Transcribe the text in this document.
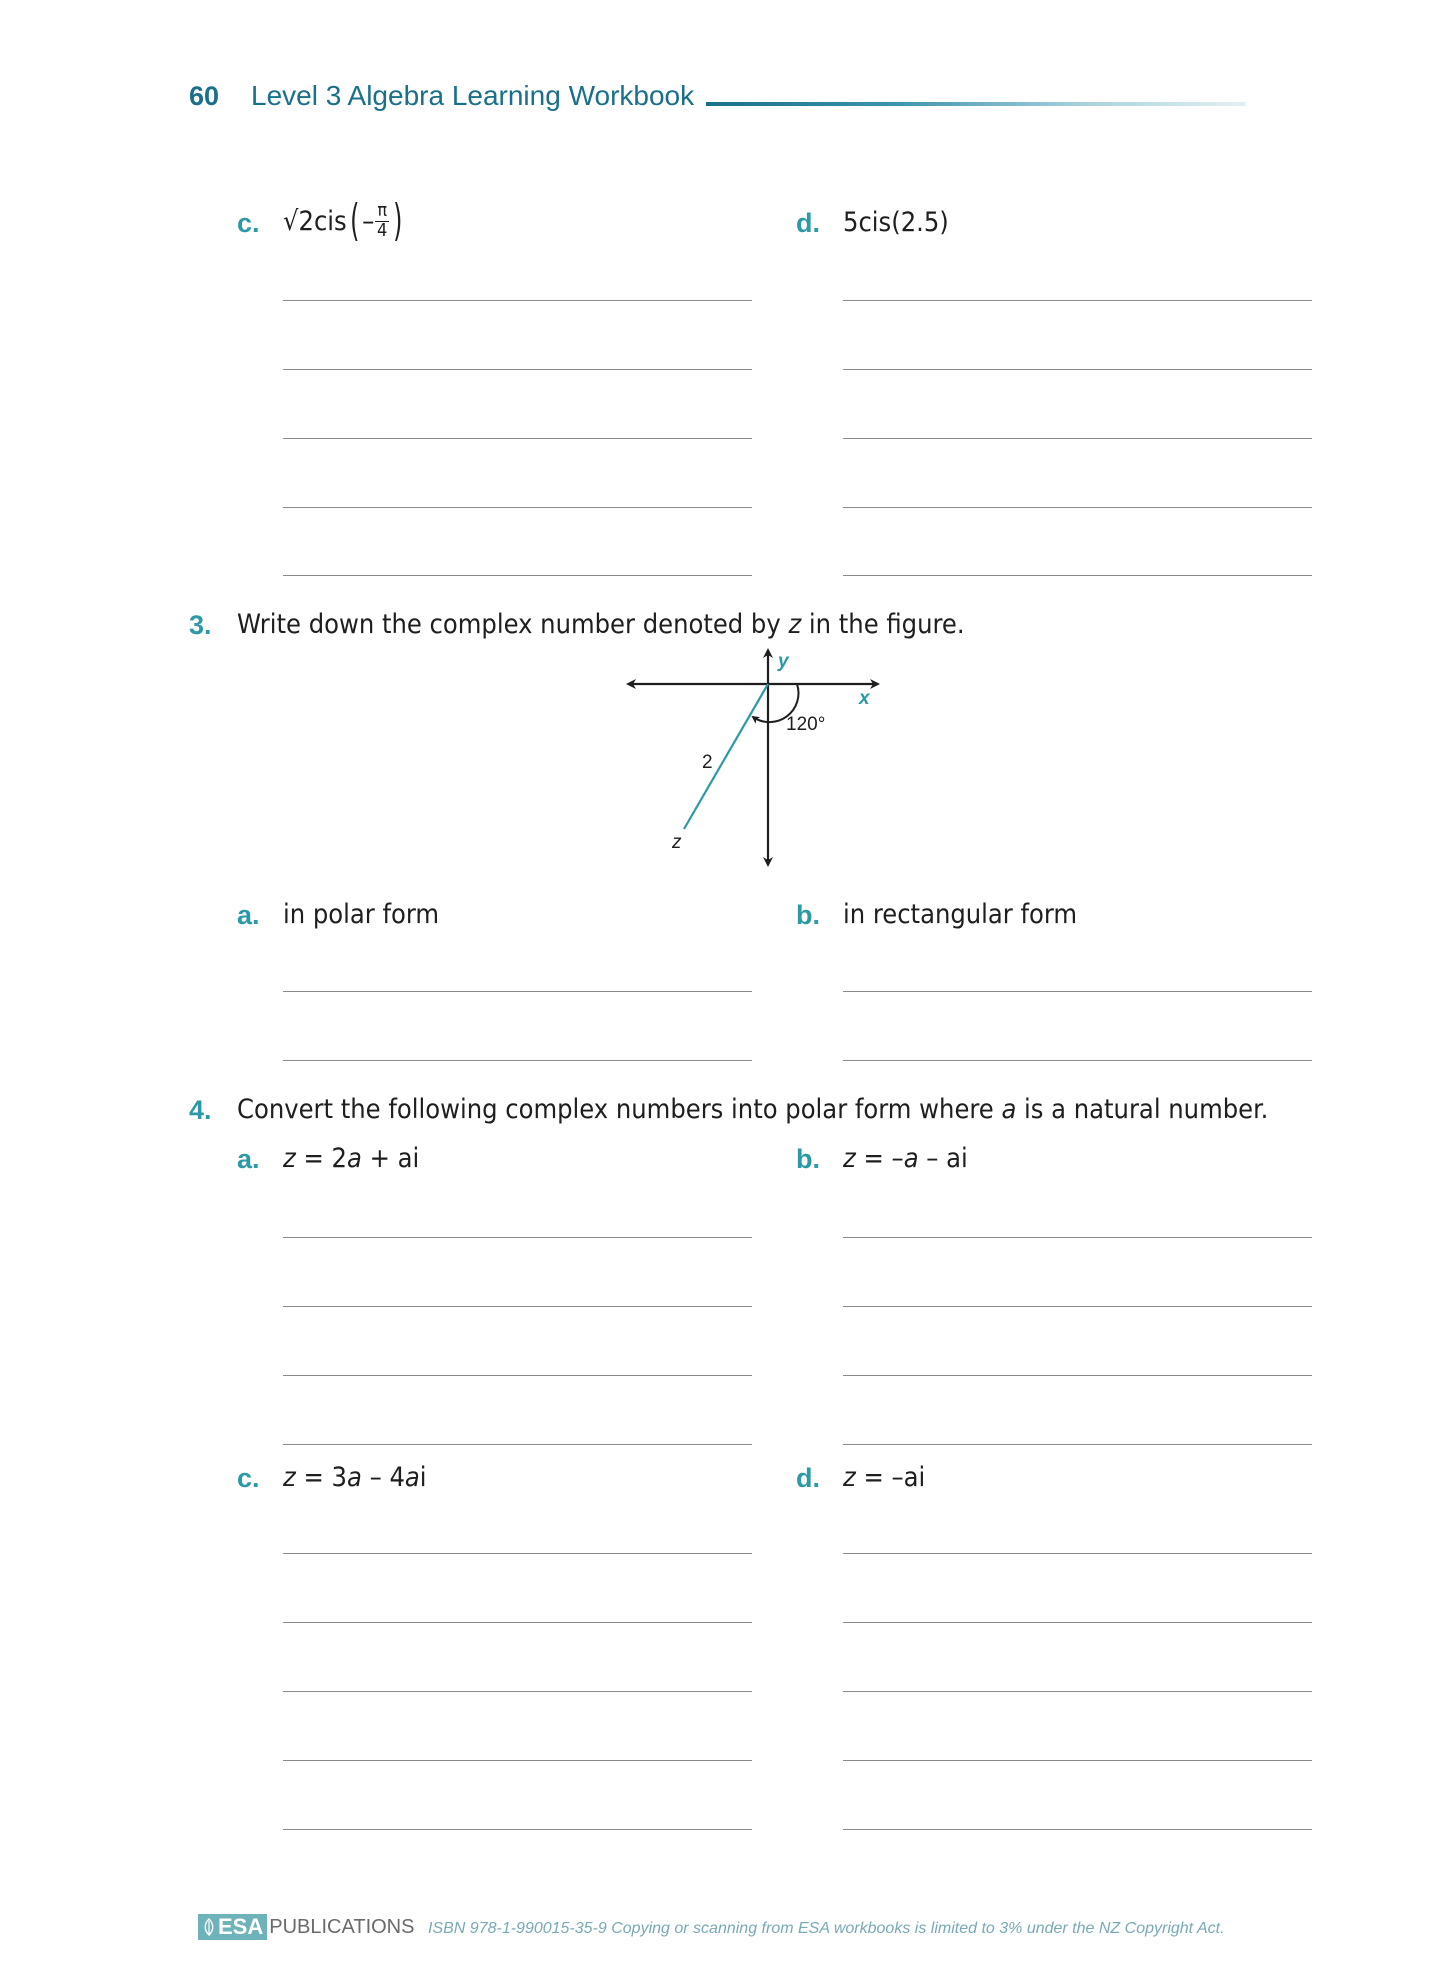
60 Level 3 Algebra Learning Workbook
c. √2 cis ( – $\frac{\pi}{4}$ )	d. 5cis(2.5)
3. Write down the complex number denoted by z in the figure.
y
x
120°
2
z
a. in polar form	b. in rectangular form
4. Convert the following complex numbers into polar form where a is a natural number.
a. z = 2a + ai	b. z = –a – ai
c. z = 3a – 4ai	d. z = –ai
ESA PUBLICATIONS ISBN 978-1-990015-35-9 Copying or scanning from ESA workbooks is limited to 3% under the NZ Copyright Act.
